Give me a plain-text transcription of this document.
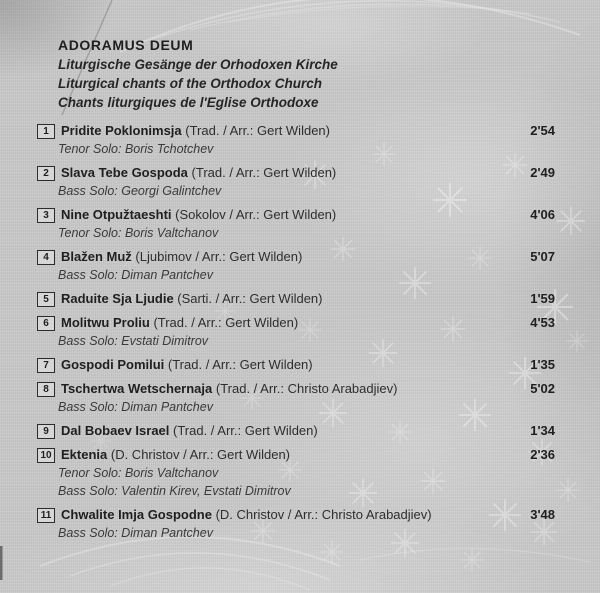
ADORAMUS DEUM
Liturgische Gesänge der Orhodoxen Kirche
Liturgical chants of the Orthodox Church
Chants liturgiques de l'Eglise Orthodoxe
1 Pridite Poklonimsja (Trad. / Arr.: Gert Wilden)	2'54
Tenor Solo: Boris Tchotchev
2 Slava Tebe Gospoda (Trad. / Arr.: Gert Wilden)	2'49
Bass Solo: Georgi Galintchev
3 Nine Otpužtaeshti (Sokolov / Arr.: Gert Wilden)	4'06
Tenor Solo: Boris Valtchanov
4 Blažen Muž (Ljubimov / Arr.: Gert Wilden)	5'07
Bass Solo: Diman Pantchev
5 Raduite Sja Ljudie (Sarti. / Arr.: Gert Wilden)	1'59
6 Molitwu Proliu (Trad. / Arr.: Gert Wilden)	4'53
Bass Solo: Evstati Dimitrov
7 Gospodi Pomilui (Trad. / Arr.: Gert Wilden)	1'35
8 Tschertwa Wetschernaja (Trad. / Arr.: Christo Arabadjiev)	5'02
Bass Solo: Diman Pantchev
9 Dal Bobaev Israel (Trad. / Arr.: Gert Wilden)	1'34
10 Ektenia (D. Christov / Arr.: Gert Wilden)	2'36
Tenor Solo: Boris Valtchanov
Bass Solo: Valentin Kirev, Evstati Dimitrov
11 Chwalite Imja Gospodne (D. Christov / Arr.: Christo Arabadjiev)	3'48
Bass Solo: Diman Pantchev
